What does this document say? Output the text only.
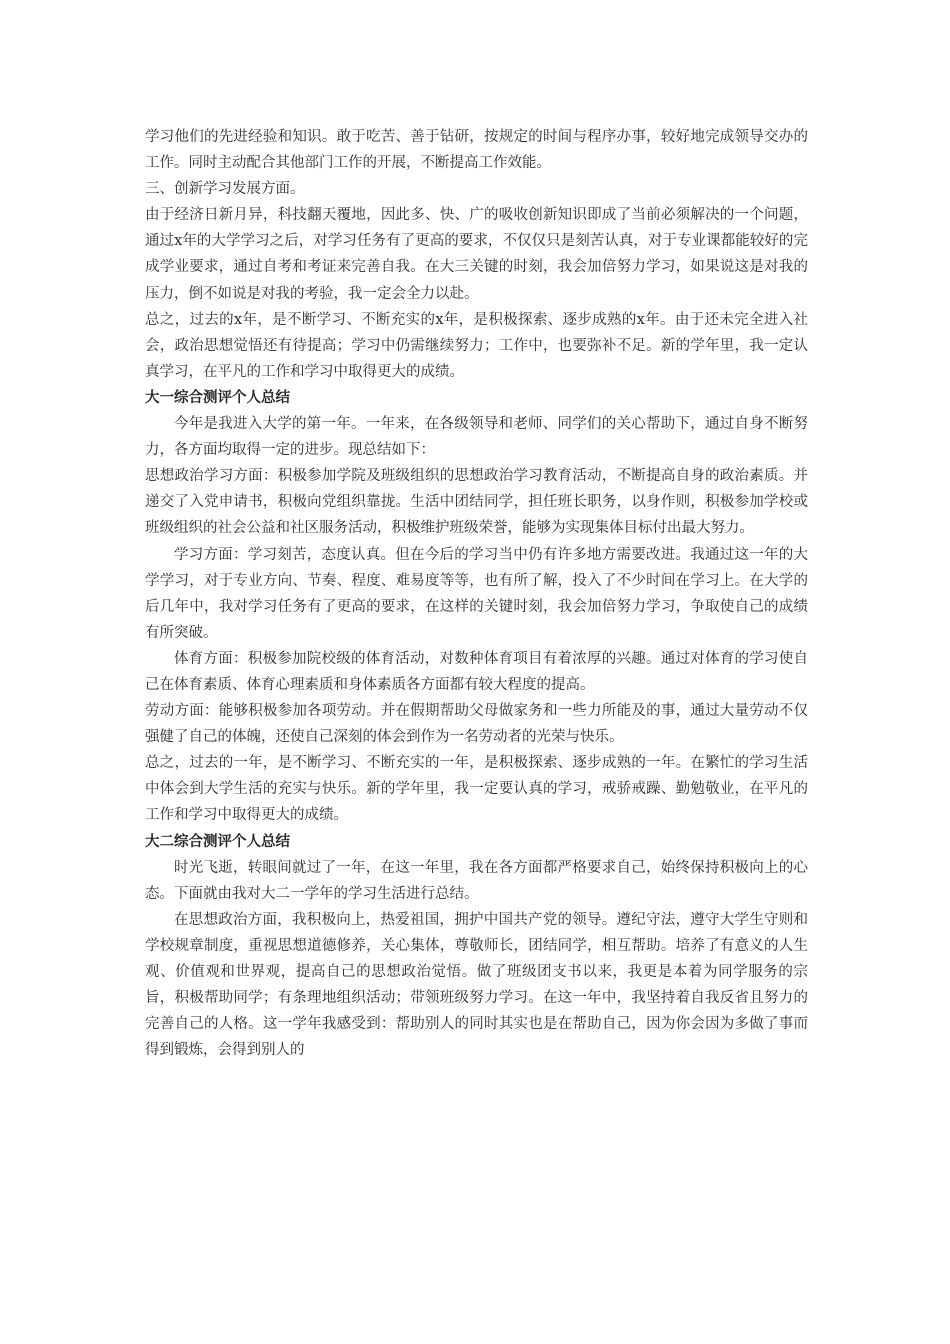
学习他们的先进经验和知识。敢于吃苦、善于钻研，按规定的时间与程序办事，较好地完成领导交办的工作。同时主动配合其他部门工作的开展，不断提高工作效能。

三、创新学习发展方面。

由于经济日新月异，科技翻天覆地，因此多、快、广的吸收创新知识即成了当前必须解决的一个问题，通过x年的大学学习之后，对学习任务有了更高的要求，不仅仅只是刻苦认真，对于专业课都能较好的完成学业要求，通过自考和考证来完善自我。在大三关键的时刻，我会加倍努力学习，如果说这是对我的压力，倒不如说是对我的考验，我一定会全力以赴。

总之，过去的x年，是不断学习、不断充实的x年，是积极探索、逐步成熟的x年。由于还未完全进入社会，政治思想觉悟还有待提高；学习中仍需继续努力；工作中，也要弥补不足。新的学年里，我一定认真学习，在平凡的工作和学习中取得更大的成绩。

大一综合测评个人总结

今年是我进入大学的第一年。一年来，在各级领导和老师、同学们的关心帮助下，通过自身不断努力，各方面均取得一定的进步。现总结如下：

思想政治学习方面：积极参加学院及班级组织的思想政治学习教育活动，不断提高自身的政治素质。并递交了入党申请书，积极向党组织靠拢。生活中团结同学，担任班长职务，以身作则，积极参加学校或班级组织的社会公益和社区服务活动，积极维护班级荣誉，能够为实现集体目标付出最大努力。

学习方面：学习刻苦，态度认真。但在今后的学习当中仍有许多地方需要改进。我通过这一年的大学学习，对于专业方向、节奏、程度、难易度等等，也有所了解，投入了不少时间在学习上。在大学的后几年中，我对学习任务有了更高的要求，在这样的关键时刻，我会加倍努力学习，争取使自己的成绩有所突破。

体育方面：积极参加院校级的体育活动，对数种体育项目有着浓厚的兴趣。通过对体育的学习使自己在体育素质、体育心理素质和身体素质各方面都有较大程度的提高。

劳动方面：能够积极参加各项劳动。并在假期帮助父母做家务和一些力所能及的事，通过大量劳动不仅强健了自己的体魄，还使自己深刻的体会到作为一名劳动者的光荣与快乐。

总之，过去的一年，是不断学习、不断充实的一年，是积极探索、逐步成熟的一年。在繁忙的学习生活中体会到大学生活的充实与快乐。新的学年里，我一定要认真的学习，戒骄戒躁、勤勉敬业，在平凡的工作和学习中取得更大的成绩。

大二综合测评个人总结

时光飞逝，转眼间就过了一年，在这一年里，我在各方面都严格要求自己，始终保持积极向上的心态。下面就由我对大二一学年的学习生活进行总结。

在思想政治方面，我积极向上，热爱祖国，拥护中国共产党的领导。遵纪守法，遵守大学生守则和学校规章制度，重视思想道德修养，关心集体，尊敬师长，团结同学，相互帮助。培养了有意义的人生观、价值观和世界观，提高自己的思想政治觉悟。做了班级团支书以来，我更是本着为同学服务的宗旨，积极帮助同学；有条理地组织活动；带领班级努力学习。在这一年中，我坚持着自我反省且努力的完善自己的人格。这一学年我感受到：帮助别人的同时其实也是在帮助自己，因为你会因为多做了事而得到锻炼，会得到别人的
